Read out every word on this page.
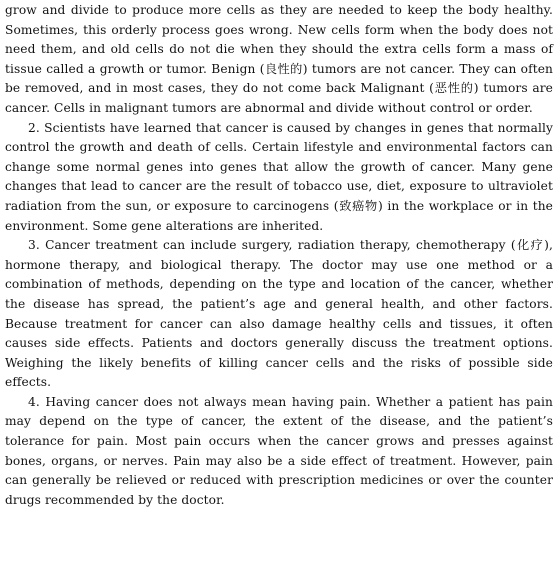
grow and divide to produce more cells as they are needed to keep the body healthy. Sometimes, this orderly process goes wrong. New cells form when the body does not need them, and old cells do not die when they should the extra cells form a mass of tissue called a growth or tumor. Benign (良性的) tumors are not cancer. They can often be removed, and in most cases, they do not come back Malignant (恶性的) tumors are cancer. Cells in malignant tumors are abnormal and divide without control or order.

2. Scientists have learned that cancer is caused by changes in genes that normally control the growth and death of cells. Certain lifestyle and environmental factors can change some normal genes into genes that allow the growth of cancer. Many gene changes that lead to cancer are the result of tobacco use, diet, exposure to ultraviolet radiation from the sun, or exposure to carcinogens (致癌物) in the workplace or in the environment. Some gene alterations are inherited.

3. Cancer treatment can include surgery, radiation therapy, chemotherapy (化疗), hormone therapy, and biological therapy. The doctor may use one method or a combination of methods, depending on the type and location of the cancer, whether the disease has spread, the patient’s age and general health, and other factors. Because treatment for cancer can also damage healthy cells and tissues, it often causes side effects. Patients and doctors generally discuss the treatment options. Weighing the likely benefits of killing cancer cells and the risks of possible side effects.

4. Having cancer does not always mean having pain. Whether a patient has pain may depend on the type of cancer, the extent of the disease, and the patient’s tolerance for pain. Most pain occurs when the cancer grows and presses against bones, organs, or nerves. Pain may also be a side effect of treatment. However, pain can generally be relieved or reduced with prescription medicines or over the counter drugs recommended by the doctor.
